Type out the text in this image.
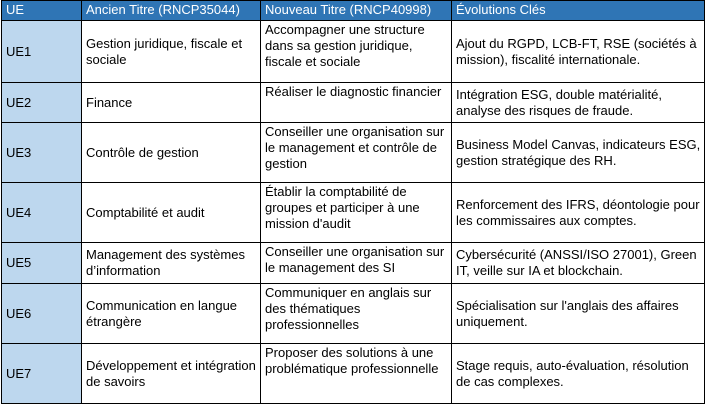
UE	Ancien Titre (RNCP35044)	Nouveau Titre (RNCP40998)	Évolutions Clés
UE1	Gestion juridique, fiscale et sociale	Accompagner une structure dans sa gestion juridique, fiscale et sociale	Ajout du RGPD, LCB-FT, RSE (sociétés à mission), fiscalité internationale.
UE2	Finance	Réaliser le diagnostic financier	Intégration ESG, double matérialité, analyse des risques de fraude.
UE3	Contrôle de gestion	Conseiller une organisation sur le management et contrôle de gestion	Business Model Canvas, indicateurs ESG, gestion stratégique des RH.
UE4	Comptabilité et audit	Établir la comptabilité de groupes et participer à une mission d'audit	Renforcement des IFRS, déontologie pour les commissaires aux comptes.
UE5	Management des systèmes d’information	Conseiller une organisation sur le management des SI	Cybersécurité (ANSSI/ISO 27001), Green IT, veille sur IA et blockchain.
UE6	Communication en langue étrangère	Communiquer en anglais sur des thématiques professionnelles	Spécialisation sur l'anglais des affaires uniquement.
UE7	Développement et intégration de savoirs	Proposer des solutions à une problématique professionnelle	Stage requis, auto-évaluation, résolution de cas complexes.
